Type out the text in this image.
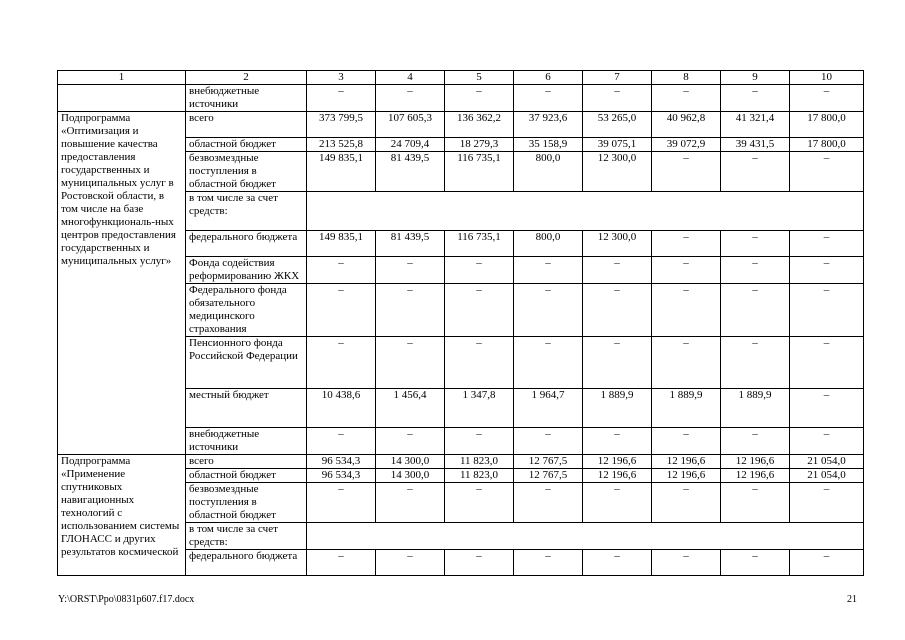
1	2	3	4	5	6	7	8	9	10
	внебюджетные источники	–	–	–	–	–	–	–	–
Подпрограмма «Оптимизация и повышение качества предоставления государственных и муниципальных услуг в Ростовской области, в том числе на базе многофункциональ-ных центров предоставления государственных и муниципальных услуг»	всего	373 799,5	107 605,3	136 362,2	37 923,6	53 265,0	40 962,8	41 321,4	17 800,0
	областной бюджет	213 525,8	24 709,4	18 279,3	35 158,9	39 075,1	39 072,9	39 431,5	17 800,0
	безвозмездные поступления в областной бюджет	149 835,1	81 439,5	116 735,1	800,0	12 300,0	–	–	–
	в том числе за счет средств:								
	федерального бюджета	149 835,1	81 439,5	116 735,1	800,0	12 300,0	–	–	–
	Фонда содействия реформированию ЖКХ	–	–	–	–	–	–	–	–
	Федерального фонда обязательного медицинского страхования	–	–	–	–	–	–	–	–
	Пенсионного фонда Российской Федерации	–	–	–	–	–	–	–	–
	местный бюджет	10 438,6	1 456,4	1 347,8	1 964,7	1 889,9	1 889,9	1 889,9	–
	внебюджетные источники	–	–	–	–	–	–	–	–
Подпрограмма «Применение спутниковых навигационных технологий с использованием системы ГЛОНАСС и других результатов космической	всего	96 534,3	14 300,0	11 823,0	12 767,5	12 196,6	12 196,6	12 196,6	21 054,0
	областной бюджет	96 534,3	14 300,0	11 823,0	12 767,5	12 196,6	12 196,6	12 196,6	21 054,0
	безвозмездные поступления в областной бюджет	–	–	–	–	–	–	–	–
	в том числе за счет средств:								
	федерального бюджета	–	–	–	–	–	–	–	–
Y:\ORST\Ppo\0831p607.f17.docx	21
